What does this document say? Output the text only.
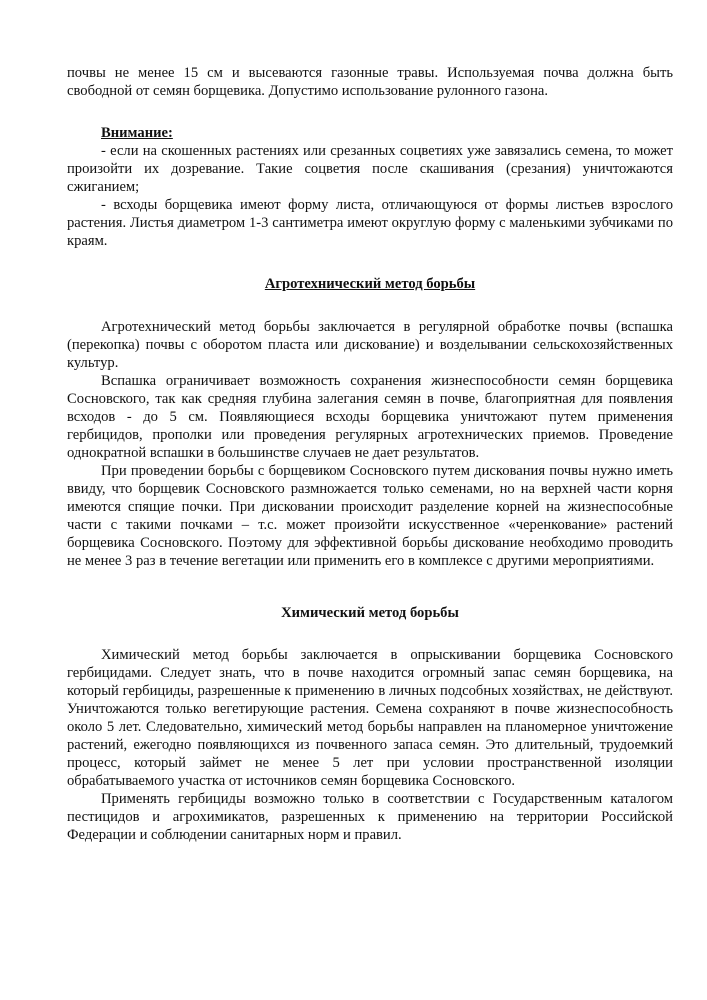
почвы не менее 15 см и высеваются газонные травы. Используемая почва должна быть свободной от семян борщевика. Допустимо использование рулонного газона.

Внимание:

- если на скошенных растениях или срезанных соцветиях уже завязались семена, то может произойти их дозревание. Такие соцветия после скашивания (срезания) уничтожаются сжиганием;

- всходы борщевика имеют форму листа, отличающуюся от формы листьев взрослого растения. Листья диаметром 1-3 сантиметра имеют округлую форму с маленькими зубчиками по краям.

Агротехнический метод борьбы

Агротехнический метод борьбы заключается в регулярной обработке почвы (вспашка (перекопка) почвы с оборотом пласта или дискование) и возделывании сельскохозяйственных культур.

Вспашка ограничивает возможность сохранения жизнеспособности семян борщевика Сосновского, так как средняя глубина залегания семян в почве, благоприятная для появления всходов - до 5 см. Появляющиеся всходы борщевика уничтожают путем применения гербицидов, прополки или проведения регулярных агротехнических приемов. Проведение однократной вспашки в большинстве случаев не дает результатов.

При проведении борьбы с борщевиком Сосновского путем дискования почвы нужно иметь ввиду, что борщевик Сосновского размножается только семенами, но на верхней части корня имеются спящие почки. При дисковании происходит разделение корней на жизнеспособные части с такими почками – т.с. может произойти искусственное «черенкование» растений борщевика Сосновского. Поэтому для эффективной борьбы дискование необходимо проводить не менее 3 раз в течение вегетации или применить его в комплексе с другими мероприятиями.

Химический метод борьбы

Химический метод борьбы заключается в опрыскивании борщевика Сосновского гербицидами. Следует знать, что в почве находится огромный запас семян борщевика, на который гербициды, разрешенные к применению в личных подсобных хозяйствах, не действуют. Уничтожаются только вегетирующие растения. Семена сохраняют в почве жизнеспособность около 5 лет. Следовательно, химический метод борьбы направлен на планомерное уничтожение растений, ежегодно появляющихся из почвенного запаса семян. Это длительный, трудоемкий процесс, который займет не менее 5 лет при условии пространственной изоляции обрабатываемого участка от источников семян борщевика Сосновского.

Применять гербициды возможно только в соответствии с Государственным каталогом пестицидов и агрохимикатов, разрешенных к применению на территории Российской Федерации и соблюдении санитарных норм и правил.
